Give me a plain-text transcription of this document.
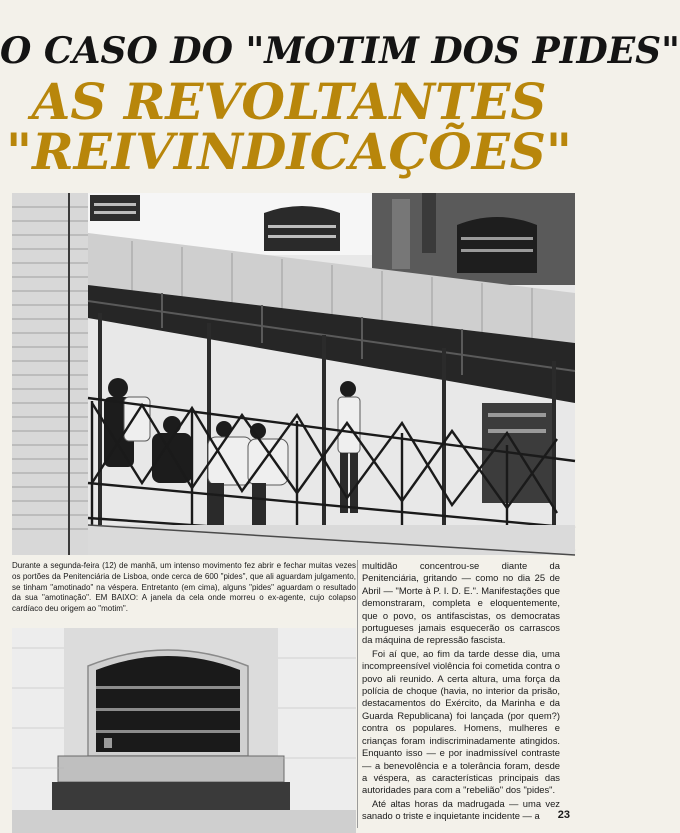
O CASO DO "MOTIM DOS PIDES"
AS REVOLTANTES
"REIVINDICAÇÕES"

Durante a segunda-feira (12) de manhã, um intenso movimento fez abrir e fechar muitas vezes os portões da Penitenciária de Lisboa, onde cerca de 600 "pides", que ali aguardam julgamento, se tinham "amotinado" na véspera. Entretanto (em cima), alguns "pides" aguardam o resultado da sua "amotinação". EM BAIXO: A janela da cela onde morreu o ex-agente, cujo colapso cardíaco deu origem ao "motim".

multidão concentrou-se diante da Penitenciária, gritando — como no dia 25 de Abril — "Morte à P. I. D. E.". Manifestações que demonstraram, completa e eloquentemente, que o povo, os antifascistas, os democratas portugueses jamais esquecerão os carrascos da máquina de repressão fascista.

Foi aí que, ao fim da tarde desse dia, uma incompreensível violência foi cometida contra o povo ali reunido. A certa altura, uma força da polícia de choque (havia, no interior da prisão, destacamentos do Exército, da Marinha e da Guarda Republicana) foi lançada (por quem?) contra os populares. Homens, mulheres e crianças foram indiscriminadamente atingidos. Enquanto isso — e por inadmissível contraste — a benevolência e a tolerância foram, desde a véspera, as características principais das autoridades para com a "rebelião" dos "pides".

Até altas horas da madrugada — uma vez sanado o triste e inquietante incidente — a	23
